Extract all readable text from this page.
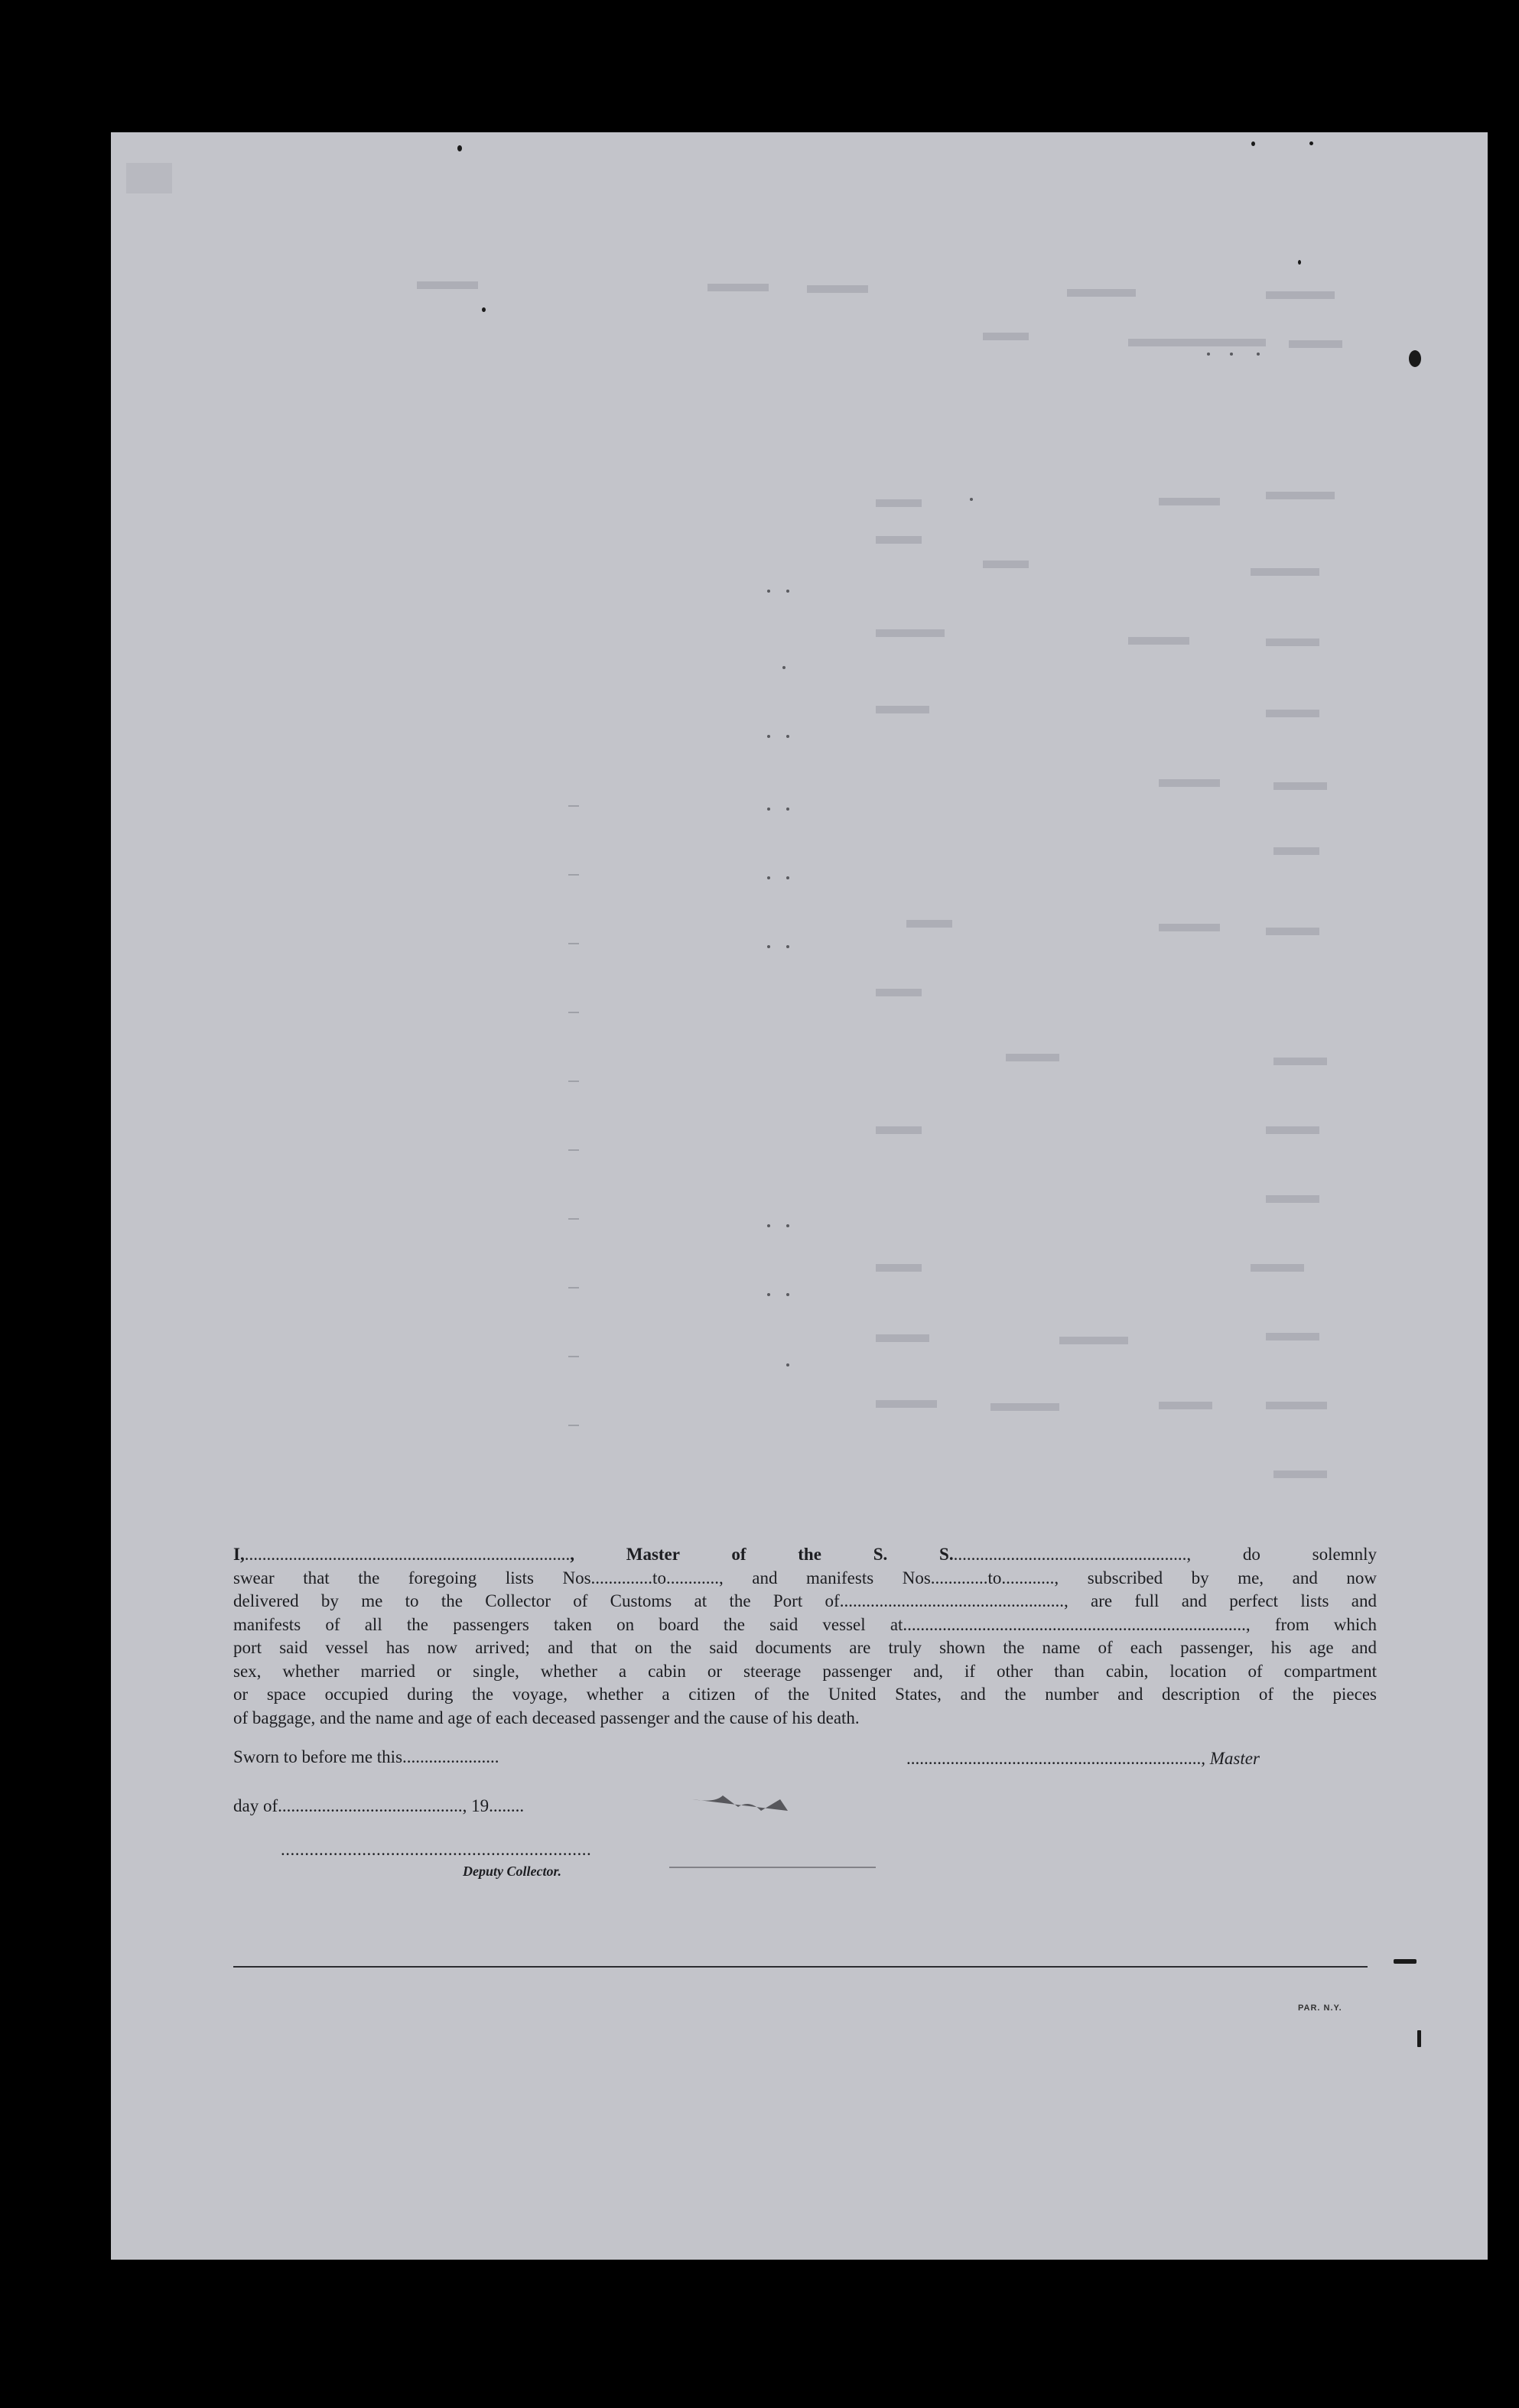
I,.........................................................................., Master of the S. S......................................................, do solemnly
swear that the foregoing lists Nos..............to............, and manifests Nos.............to............, subscribed by me, and now
delivered by me to the Collector of Customs at the Port of..................................................., are full and perfect lists and
manifests of all the passengers taken on board the said vessel at.............................................................................., from which
port said vessel has now arrived; and that on the said documents are truly shown the name of each passenger, his age and
sex, whether married or single, whether a cabin or steerage passenger and, if other than cabin, location of compartment
or space occupied during the voyage, whether a citizen of the United States, and the number and description of the pieces
of baggage, and the name and age of each deceased passenger and the cause of his death.
Sworn to before me this......................	..................................................................., Master
day of.........................................., 19........
.................................................................
Deputy Collector.
PAR. N.Y.
